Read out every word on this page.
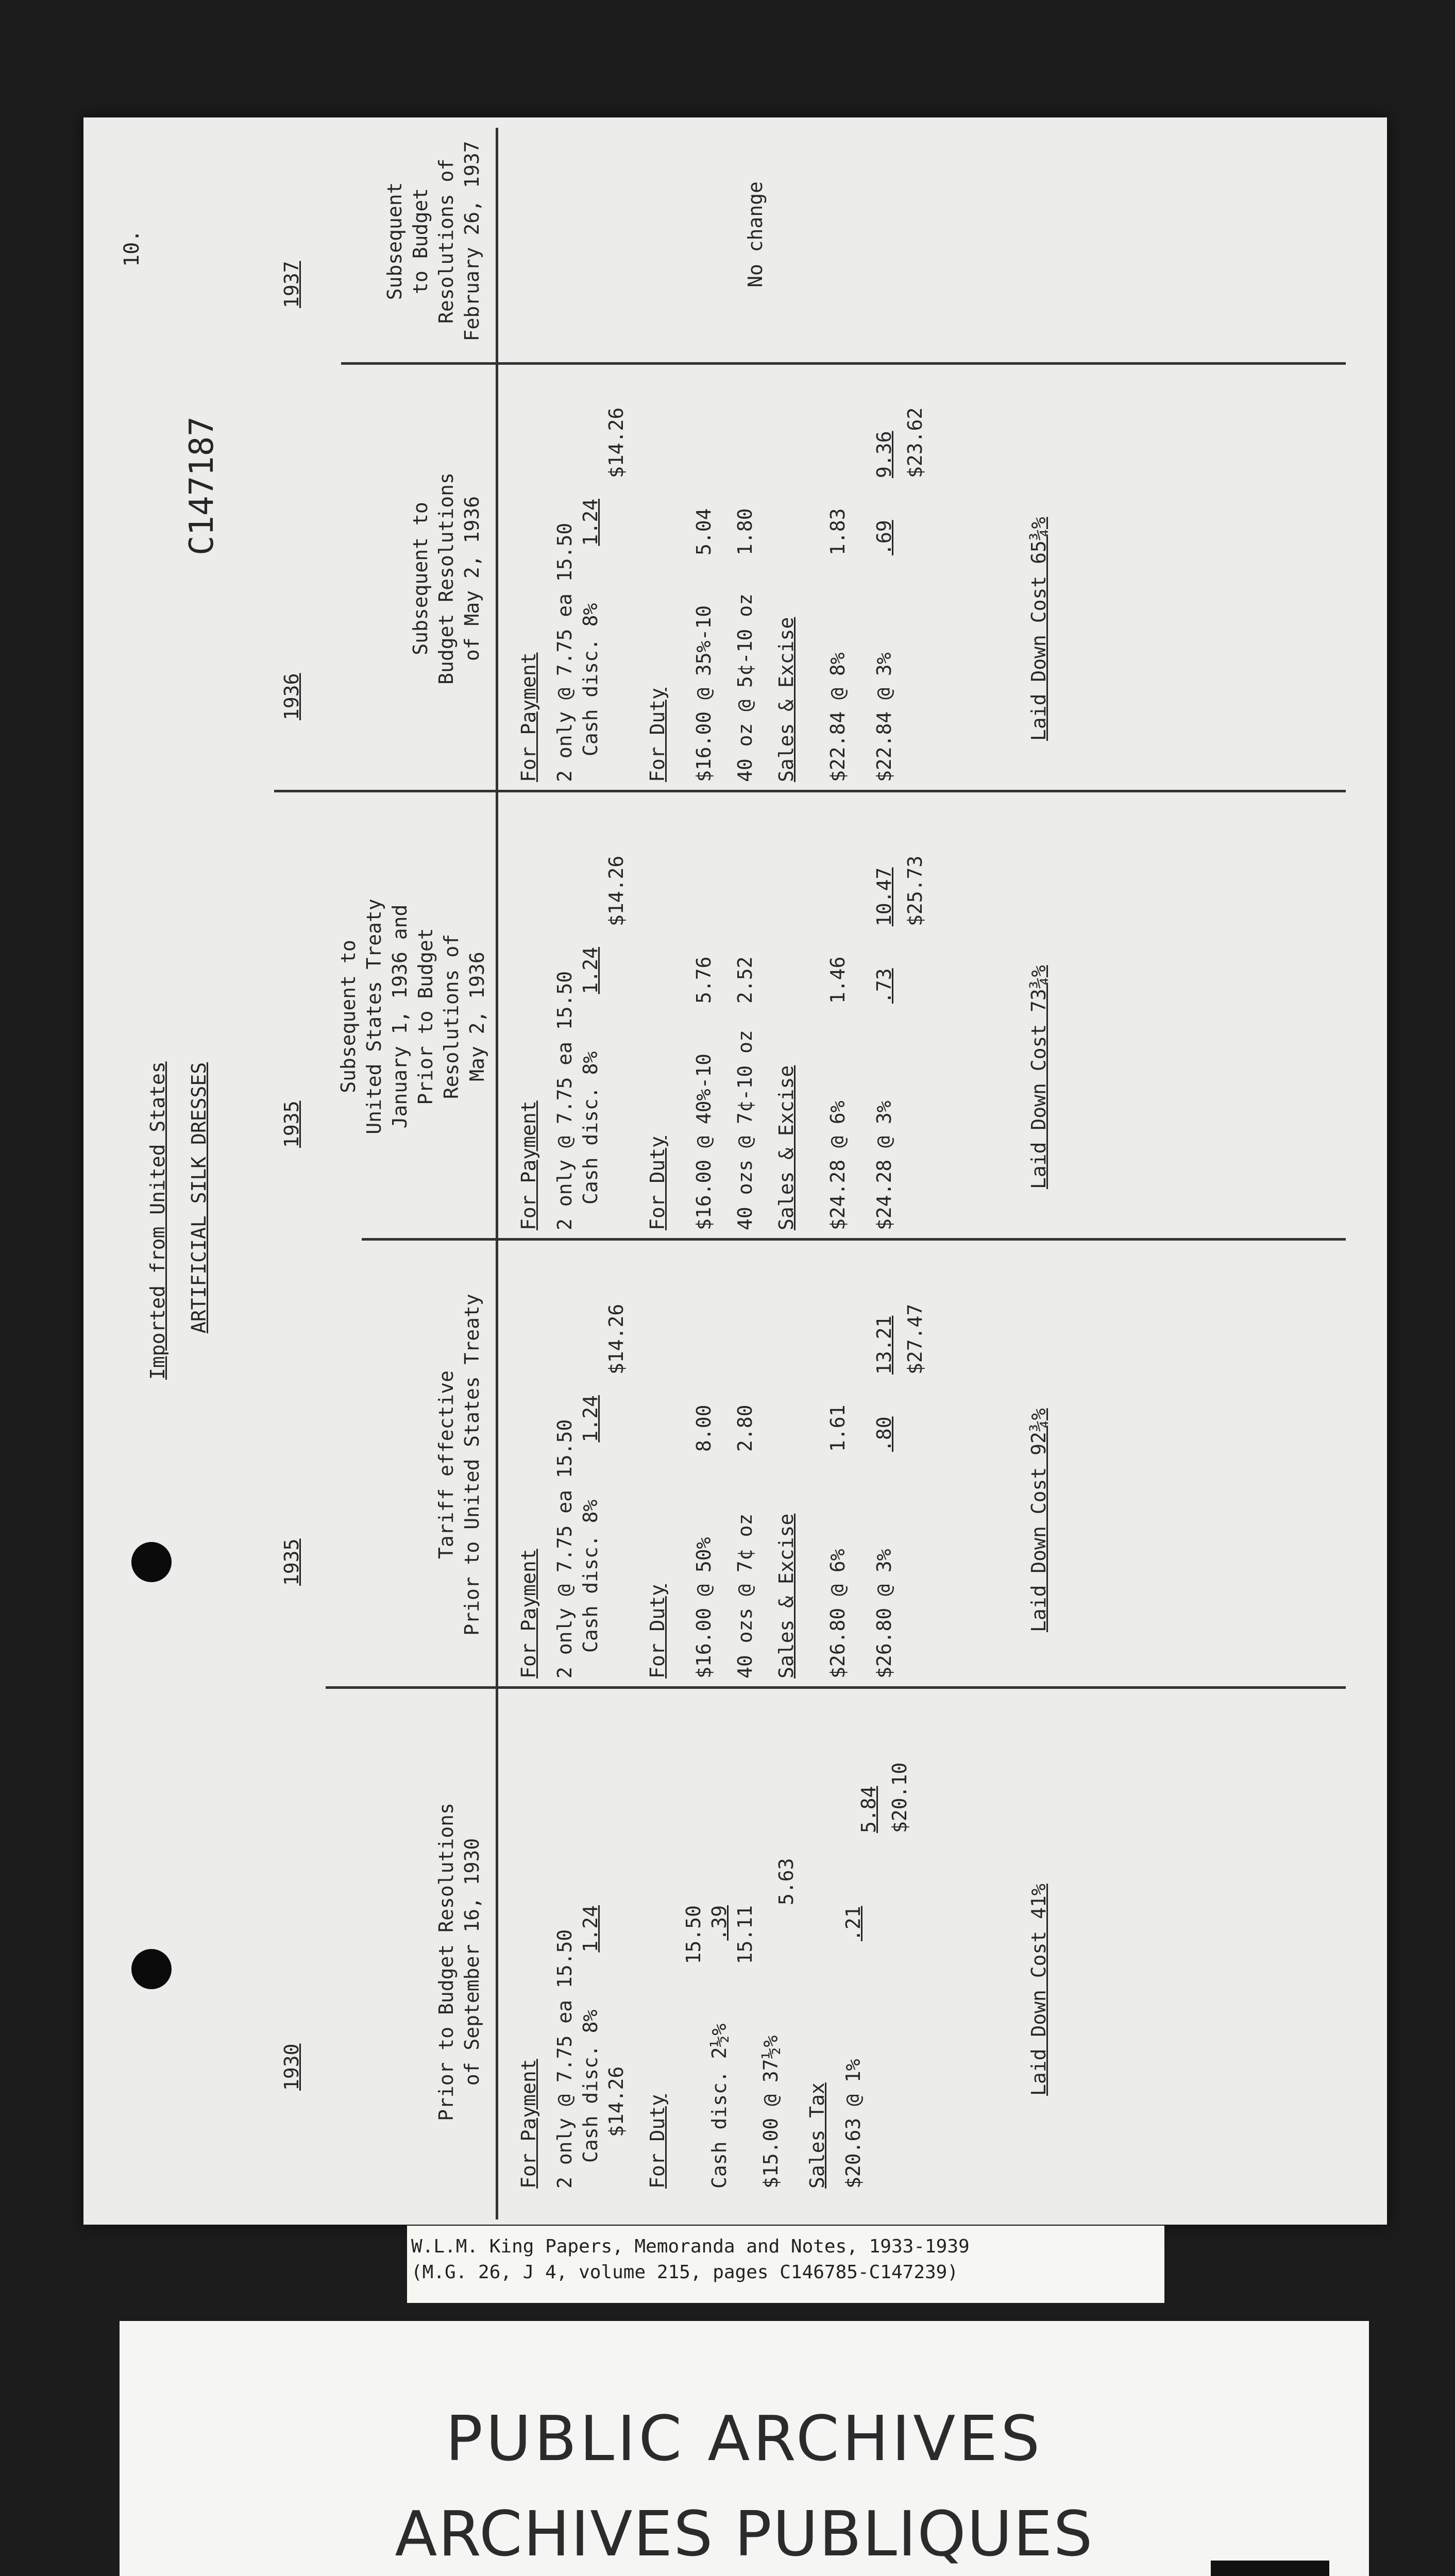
10.
C147187
Imported from United States ARTIFICIAL SILK DRESSES
1930
1935
1935
1936
1937
Prior to Budget Resolutions of September 16, 1930
Tariff effective Prior to United States Treaty
Subsequent to United States Treaty January 1, 1936 and Prior to Budget Resolutions of May 2, 1936
Subsequent to Budget Resolutions of May 2, 1936
Subsequent to Budget Resolutions of February 26, 1937
For Payment 2 only @ 7.75 ea 15.50 Cash disc. 8%
1.24
$14.26 For Duty
15.50
Cash disc. 2½%
.39 15.11
$15.00 @ 37½%
5.63
Sales Tax $20.63 @ 1%
.21
5.84 $20.10
Laid Down Cost 41%
For Payment 2 only @ 7.75 ea 15.50 Cash disc. 8%
1.24
$14.26
For Duty $16.00 @ 50%
8.00
40 ozs @ 7¢ oz
2.80
Sales & Excise $26.80 @ 6%
1.61
$26.80 @ 3%
.80
13.21 $27.47
Laid Down Cost 92¾%
For Payment 2 only @ 7.75 ea 15.50 Cash disc. 8%
1.24
$14.26
For Duty $16.00 @ 40%-10
5.76
40 ozs @ 7¢-10 oz
2.52
Sales & Excise $24.28 @ 6%
1.46
$24.28 @ 3%
.73
10.47 $25.73
Laid Down Cost 73¾%
For Payment 2 only @ 7.75 ea 15.50 Cash disc. 8%
1.24
$14.26
For Duty $16.00 @ 35%-10
5.04
40 oz @ 5¢-10 oz
1.80
Sales & Excise $22.84 @ 8%
1.83
$22.84 @ 3%
.69
9.36 $23.62
Laid Down Cost 65¾%
No change
W.L.M. King Papers, Memoranda and Notes, 1933-1939
(M.G. 26, J 4, volume 215, pages C146785-C147239)
PUBLIC ARCHIVES
ARCHIVES PUBLIQUES
